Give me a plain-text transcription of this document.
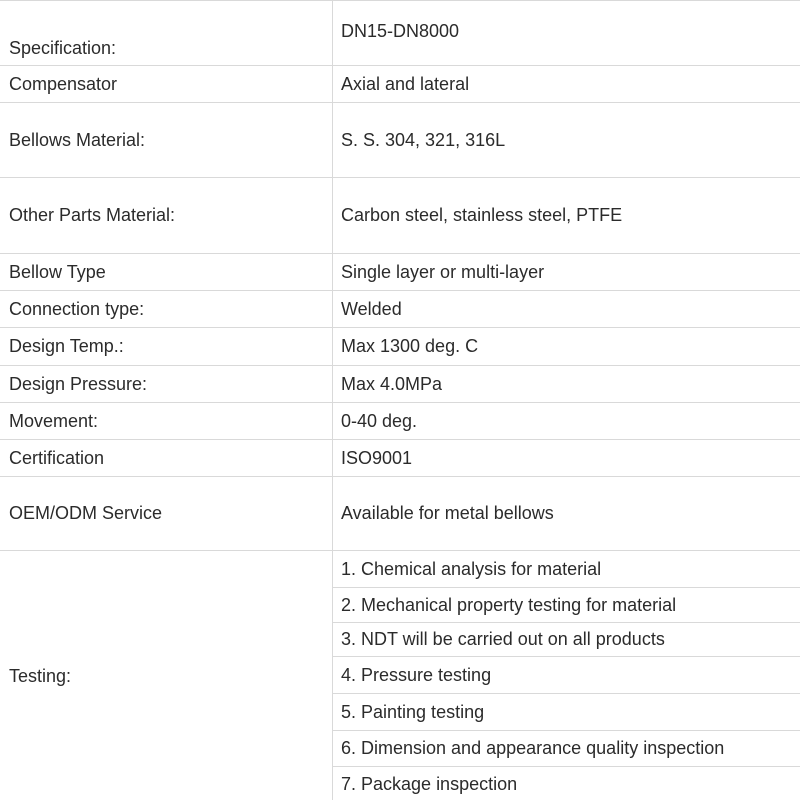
Specification:
DN15-DN8000
Compensator	Axial and lateral
Bellows Material:	S. S. 304, 321, 316L
Other Parts Material:	Carbon steel, stainless steel, PTFE
Bellow Type	Single layer or multi-layer
Connection type:	Welded
Design Temp.:	Max 1300 deg. C
Design Pressure:	Max 4.0MPa
Movement:	0-40 deg.
Certification	ISO9001
OEM/ODM Service	Available for metal bellows
Testing:
1. Chemical analysis for material
2. Mechanical property testing for material
3. NDT will be carried out on all products
4. Pressure testing
5. Painting testing
6. Dimension and appearance quality inspection
7. Package inspection
